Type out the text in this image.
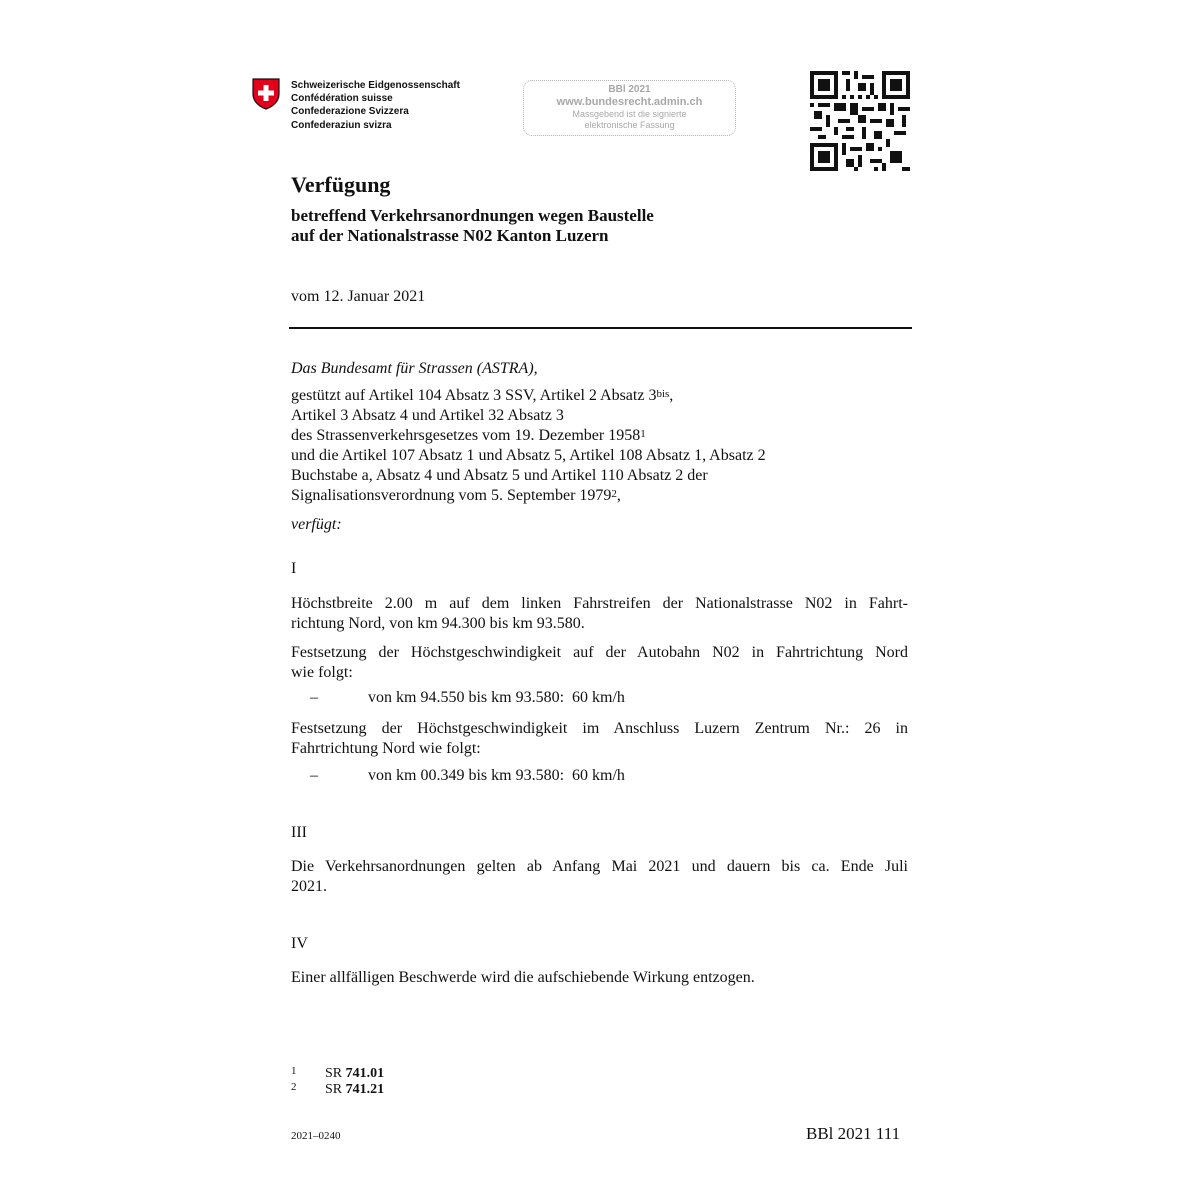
Schweizerische Eidgenossenschaft
Confédération suisse
Confederazione Svizzera
Confederaziun svizra
BBl 2021
www.bundesrecht.admin.ch
Massgebend ist die signierte
elektronische Fassung
Verfügung
betreffend Verkehrsanordnungen wegen Baustelle
auf der Nationalstrasse N02 Kanton Luzern
vom 12. Januar 2021
Das Bundesamt für Strassen (ASTRA),
gestützt auf Artikel 104 Absatz 3 SSV, Artikel 2 Absatz $3^{bis}$,
Artikel 3 Absatz 4 und Artikel 32 Absatz 3
des Strassenverkehrsgesetzes vom 19. Dezember 1958$^1$
und die Artikel 107 Absatz 1 und Absatz 5, Artikel 108 Absatz 1, Absatz 2
Buchstabe a, Absatz 4 und Absatz 5 und Artikel 110 Absatz 2 der
Signalisationsverordnung vom 5. September 1979$^2$,
verfügt:
I
Höchstbreite 2.00 m auf dem linken Fahrstreifen der Nationalstrasse N02 in Fahrt-
richtung Nord, von km 94.300 bis km 93.580.
Festsetzung der Höchstgeschwindigkeit auf der Autobahn N02 in Fahrtrichtung Nord
wie folgt:
–	von km 94.550 bis km 93.580:  60 km/h
Festsetzung der Höchstgeschwindigkeit im Anschluss Luzern Zentrum Nr.: 26 in
Fahrtrichtung Nord wie folgt:
–	von km 00.349 bis km 93.580:  60 km/h
III
Die Verkehrsanordnungen gelten ab Anfang Mai 2021 und dauern bis ca. Ende Juli
2021.
IV
Einer allfälligen Beschwerde wird die aufschiebende Wirkung entzogen.
1 SR 741.01
2 SR 741.21
2021–0240	BBl 2021 111
